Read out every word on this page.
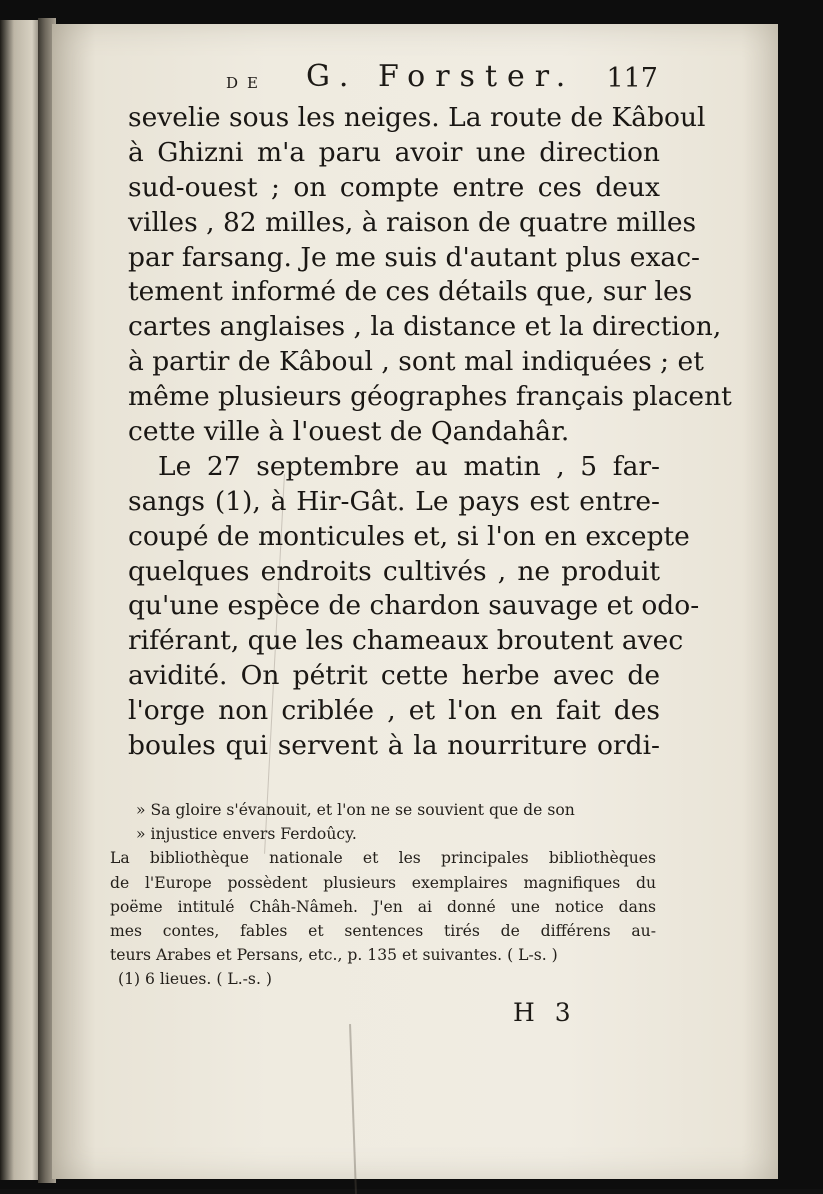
de G. Forster. 117
sevelie sous les neiges. La route de Kâboul
à Ghizni m'a paru avoir une direction
sud-ouest ; on compte entre ces deux
villes , 82 milles, à raison de quatre milles
par farsang. Je me suis d'autant plus exac-
tement informé de ces détails que, sur les
cartes anglaises , la distance et la direction,
à partir de Kâboul , sont mal indiquées ; et
même plusieurs géographes français placent
cette ville à l'ouest de Qandahâr.
Le 27 septembre au matin , 5 far-
sangs (1), à Hir-Gât. Le pays est entre-
coupé de monticules et, si l'on en excepte
quelques endroits cultivés , ne produit
qu'une espèce de chardon sauvage et odo-
riférant, que les chameaux broutent avec
avidité. On pétrit cette herbe avec de
l'orge non criblée , et l'on en fait des
boules qui servent à la nourriture ordi-
» Sa gloire s'évanouit, et l'on ne se souvient que de son
» injustice envers Ferdoûcy.
La bibliothèque nationale et les principales bibliothèques
de l'Europe possèdent plusieurs exemplaires magnifiques du
poëme intitulé Châh-Nâmeh. J'en ai donné une notice dans
mes contes, fables et sentences tirés de différens au-
teurs Arabes et Persans, etc., p. 135 et suivantes. ( L-s. )
(1) 6 lieues. ( L.-s. )
H 3
